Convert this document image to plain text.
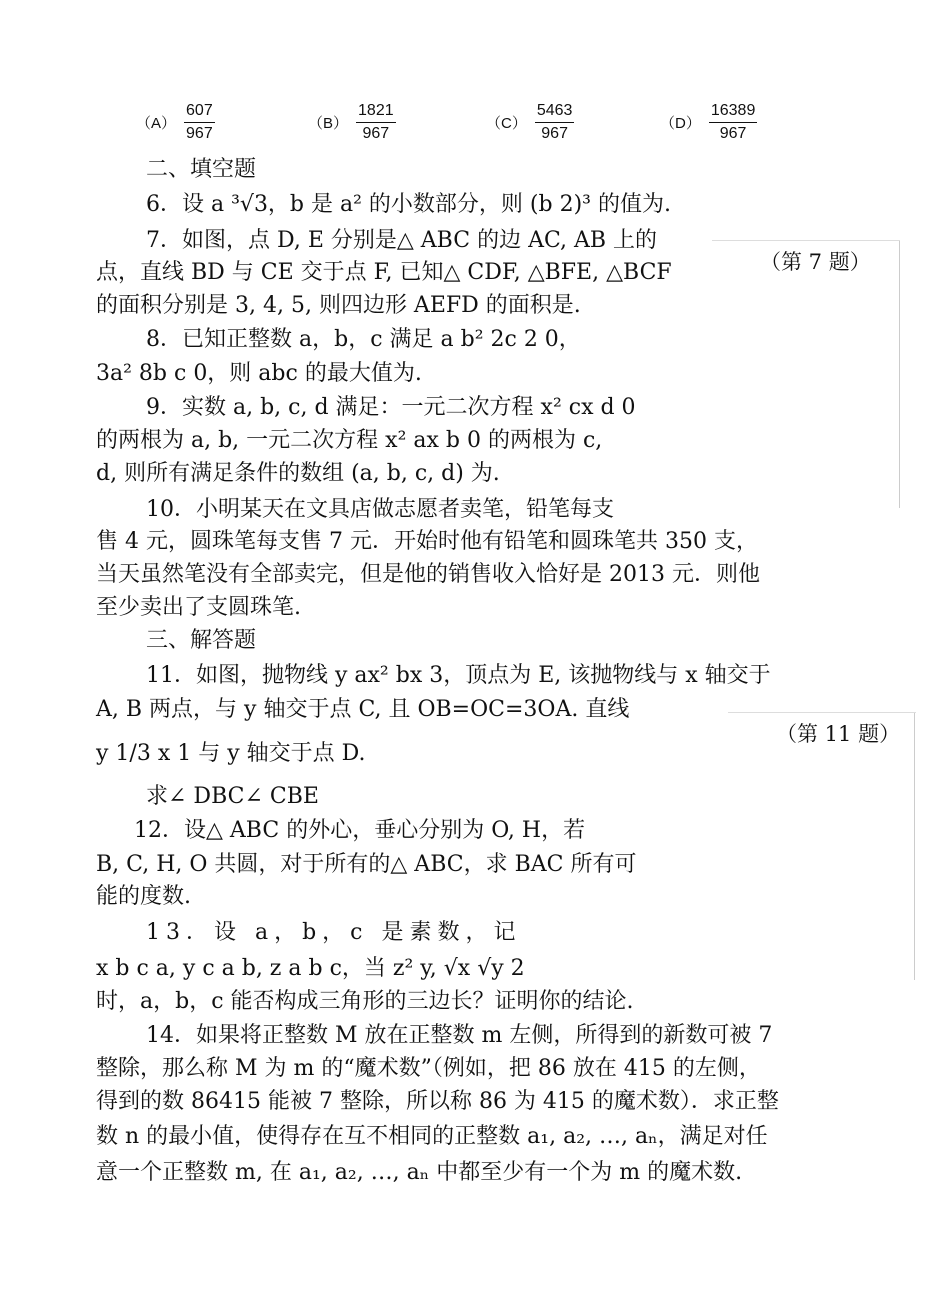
$(A) \frac{607}{967}$	$(B) \frac{1821}{967}$	$(C) \frac{5463}{967}$	$(D) \frac{16389}{967}$
二、填空题
6．设 a ³√3，b 是 a² 的小数部分，则 (b 2)³ 的值为.
7．如图，点 D, E 分别是△ ABC 的边 AC, AB 上的
点，直线 BD 与 CE 交于点 F, 已知△ CDF, △BFE, △BCF
的面积分别是 3, 4, 5, 则四边形 AEFD 的面积是.
（第 7 题）
8．已知正整数 a，b，c 满足 a b² 2c 2 0，
3a² 8b c 0，则 abc 的最大值为.
9．实数 a, b, c, d 满足：一元二次方程 x² cx d 0
的两根为 a, b, 一元二次方程 x² ax b 0 的两根为 c,
d, 则所有满足条件的数组 (a, b, c, d) 为.
10．小明某天在文具店做志愿者卖笔，铅笔每支
售 4 元，圆珠笔每支售 7 元．开始时他有铅笔和圆珠笔共 350 支，
当天虽然笔没有全部卖完，但是他的销售收入恰好是 2013 元．则他
至少卖出了支圆珠笔.
三、解答题
11．如图，抛物线 y ax² bx 3，顶点为 E, 该抛物线与 x 轴交于
A, B 两点，与 y 轴交于点 C, 且 OB=OC=3OA. 直线
y 1/3 x 1 与 y 轴交于点 D.
求∠ DBC∠ CBE
（第 11 题）
12．设△ ABC 的外心，垂心分别为 O, H，若
B, C, H, O 共圆，对于所有的△ ABC，求 BAC 所有可
能的度数.
13．设 a，b，c 是素数，记
x b c a, y c a b, z a b c，当 z² y, √x √y 2
时，a，b，c 能否构成三角形的三边长？证明你的结论.
14．如果将正整数 M 放在正整数 m 左侧，所得到的新数可被 7
整除，那么称 M 为 m 的“魔术数”（例如，把 86 放在 415 的左侧，
得到的数 86415 能被 7 整除，所以称 86 为 415 的魔术数）．求正整
数 n 的最小值，使得存在互不相同的正整数 a₁, a₂, …, aₙ，满足对任
意一个正整数 m, 在 a₁, a₂, …, aₙ 中都至少有一个为 m 的魔术数.
